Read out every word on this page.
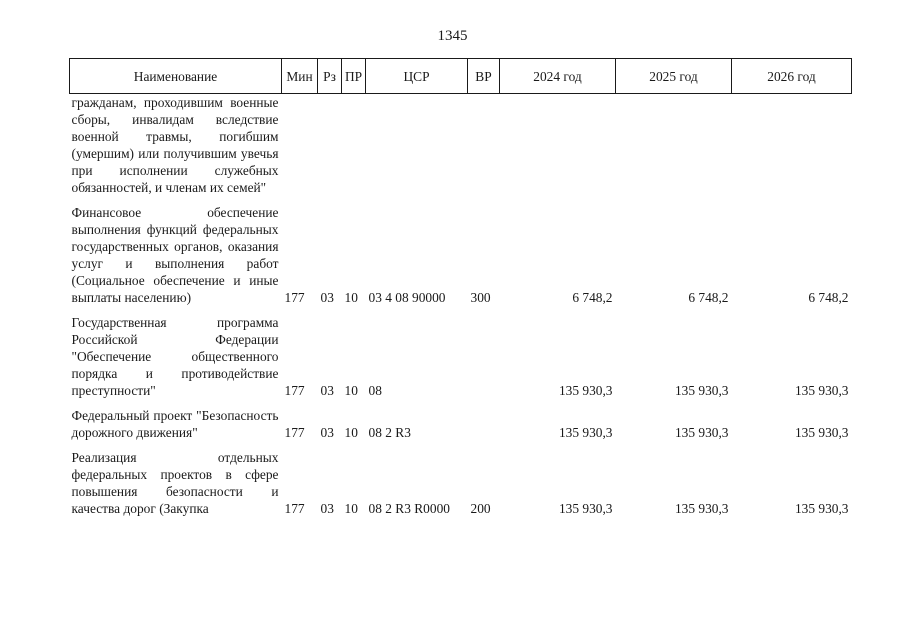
1345
Наименование	Мин	Рз	ПР	ЦСР	ВР	2024 год	2025 год	2026 год
гражданам, проходившим военные сборы, инвалидам вследствие военной травмы, погибшим (умершим) или получившим увечья при исполнении служебных обязанностей, и членам их семей"								

Финансовое обеспечение выполнения функций федеральных государственных органов, оказания услуг и выполнения работ (Социальное обеспечение и иные выплаты населению)	177	03	10	03 4 08 90000	300	6 748,2	6 748,2	6 748,2

Государственная программа Российской Федерации "Обеспечение общественного порядка и противодействие преступности"	177	03	10	08		135 930,3	135 930,3	135 930,3

Федеральный проект "Безопасность дорожного движения"	177	03	10	08 2 R3		135 930,3	135 930,3	135 930,3

Реализация отдельных федеральных проектов в сфере повышения безопасности и качества дорог (Закупка	177	03	10	08 2 R3 R0000	200	135 930,3	135 930,3	135 930,3
